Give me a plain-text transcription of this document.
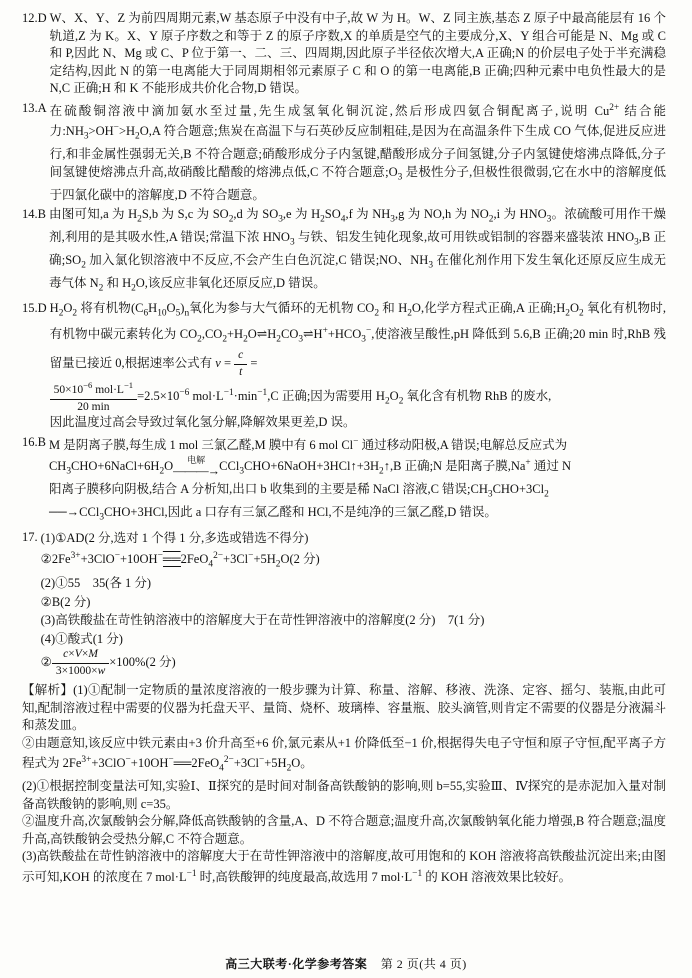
12.D W、X、Y、Z 为前四周期元素,W 基态原子中没有中子,故 W 为 H。W、Z 同主族,基态 Z 原子中最高能层有 16 个轨道,Z 为 K。X、Y 原子序数之和等于 Z 的原子序数,X 的单质是空气的主要成分,X、Y 组合可能是 N、Mg 或 C 和 P,因此 N、Mg 或 C、P 位于第一、二、三、四周期,因此原子半径依次增大,A 正确;N 的价层电子处于半充满稳定结构,因此 N 的第一电离能大于同周期相邻元素原子 C 和 O 的第一电离能,B 正确;四种元素中电负性最大的是 N,C 正确;H 和 K 不能形成共价化合物,D 错误。

13.A 在硫酸铜溶液中滴加氨水至过量,先生成氢氧化铜沉淀,然后形成四氨合铜配离子,说明 $Cu^{2+}$ 结合能力$:NH_3>OH^->H_2O,A$ 符合题意;焦炭在高温下与石英砂反应制粗硅,是因为在高温条件下生成 CO 气体,促进反应进行,和非金属性强弱无关,B 不符合题意;硝酸形成分子内氢键,醋酸形成分子间氢键,分子内氢键使熔沸点降低,分子间氢键使熔沸点升高,故硝酸比醋酸的熔沸点低,C 不符合题意$;O_3$ 是极性分子,但极性很微弱,它在水中的溶解度低于四氯化碳中的溶解度,D 不符合题意。

14.B 由图可知,a 为 $H_2S,b$ 为 S,c 为 $SO_2,d$ 为 $SO_3,e$ 为 $H_2SO_4,f$ 为 $NH_3,g$ 为 NO,h 为 $NO_2,i$ 为 $HNO_3$。浓硫酸可用作干燥剂,利用的是其吸水性,A 错误;常温下浓 $HNO_3$ 与铁、铝发生钝化现象,故可用铁或铝制的容器来盛装浓 $HNO_3,B$ 正确$;SO_2$ 加入氯化钡溶液中不反应,不会产生白色沉淀,C 错误;NO、$NH_3$ 在催化剂作用下发生氧化还原反应生成无毒气体 $N_2$ 和 $H_2O$,该反应非氧化还原反应,D 错误。

15.D $H_2O_2$ 将有机物$(C_6H_{10}O_5)_n$氧化为参与大气循环的无机物 $CO_2$ 和 $H_2O$,化学方程式正确,A 正确$;H_2O_2$ 氧化有机物时,有机物中碳元素转化为 $CO_2,CO_2+H_2O\rightleftharpoons H_2CO_3\rightleftharpoons H^++HCO_3^-$,使溶液呈酸性,pH 降低到 5.6,B 正确;20 min 时,RhB 残留量已接近 0,根据速率公式有 $v = \frac{c}{t}$ =

$50\times 10^{-6}$ $mol\cdot L^{-1}$
20 min
$=2.5\times 10^{-6}$ $mol\cdot L^{-1}\cdot\min^{-1},C$ 正确;因为需要用 $H_2O_2$ 氧化含有机物 RhB 的废水,

因此温度过高会导致过氧化氢分解,降解效果更差,D 误。

16.B M 是阴离子膜,每生成 1 mol 三氯乙醛,M 膜中有 6 mol Cl− 通过移动阳极,A 错误;电解总反应式为

$CH_3CHO+6NaCl+6H_2O$	电解
———→ $CCl_3CHO+6NaOH+3HCl↑+3H_2↑,B$ 正确;N 是阳离子膜,Na+ 通过 N

阳离子膜移向阴极,结合 A 分析知,出口 b 收集到的主要是稀 NaCl 溶液,C 错误$;CH_3CHO+3Cl_2$

──→CCl$_3$CHO+3HCl,因此 a 口存有三氯乙醛和 HCl,不是纯净的三氯乙醛,D 错误。

17. (1)①AD(2 分,选对 1 个得 1 分,多选或错选不得分)

$②2Fe^{3+}+3ClO^-+10OH^-══2FeO_4^{2-}+3Cl^-+5H_2O(2$ 分)

(2)①55　35(各 1 分)

②B(2 分)

(3)高铁酸盐在苛性钠溶液中的溶解度大于在苛性钾溶液中的溶解度(2 分)　7(1 分)

(4)①酸式(1 分)

② $\frac{c\times V\times M}{3\times 1000\times w} \times 100\%(2$ 分)

【解析】(1)①配制一定物质的量浓度溶液的一般步骤为计算、称量、溶解、移液、洗涤、定容、摇匀、装瓶,由此可知,配制溶液过程中需要的仪器为托盘天平、量筒、烧杯、玻璃棒、容量瓶、胶头滴管,则肯定不需要的仪器是分液漏斗和蒸发皿。

②由题意知,该反应中铁元素由+3 价升高至+6 价,氯元素从+1 价降低至−1 价,根据得失电子守恒和原子守恒,配平离子方程式为 $2Fe^{3+}+3ClO^-+10OH^-══2FeO_4^{2-}+3Cl^-+5H_2O$。

(2)①根据控制变量法可知,实验Ⅰ、Ⅱ探究的是时间对制备高铁酸钠的影响,则 b=55,实验Ⅲ、Ⅳ探究的是赤泥加入量对制备高铁酸钠的影响,则 c=35。

②温度升高,次氯酸钠会分解,降低高铁酸钠的含量,A、D 不符合题意;温度升高,次氯酸钠氧化能力增强,B 符合题意;温度升高,高铁酸钠会受热分解,C 不符合题意。

(3)高铁酸盐在苛性钠溶液中的溶解度大于在苛性钾溶液中的溶解度,故可用饱和的 KOH 溶液将高铁酸盐沉淀出来;由图示可知,KOH 的浓度在 7 $mol\cdot L^{-1}$ 时,高铁酸钾的纯度最高,故选用 7 $mol\cdot L^{-1}$ 的 KOH 溶液效果比较好。

高三大联考·化学参考答案 第 2 页(共 4 页)
